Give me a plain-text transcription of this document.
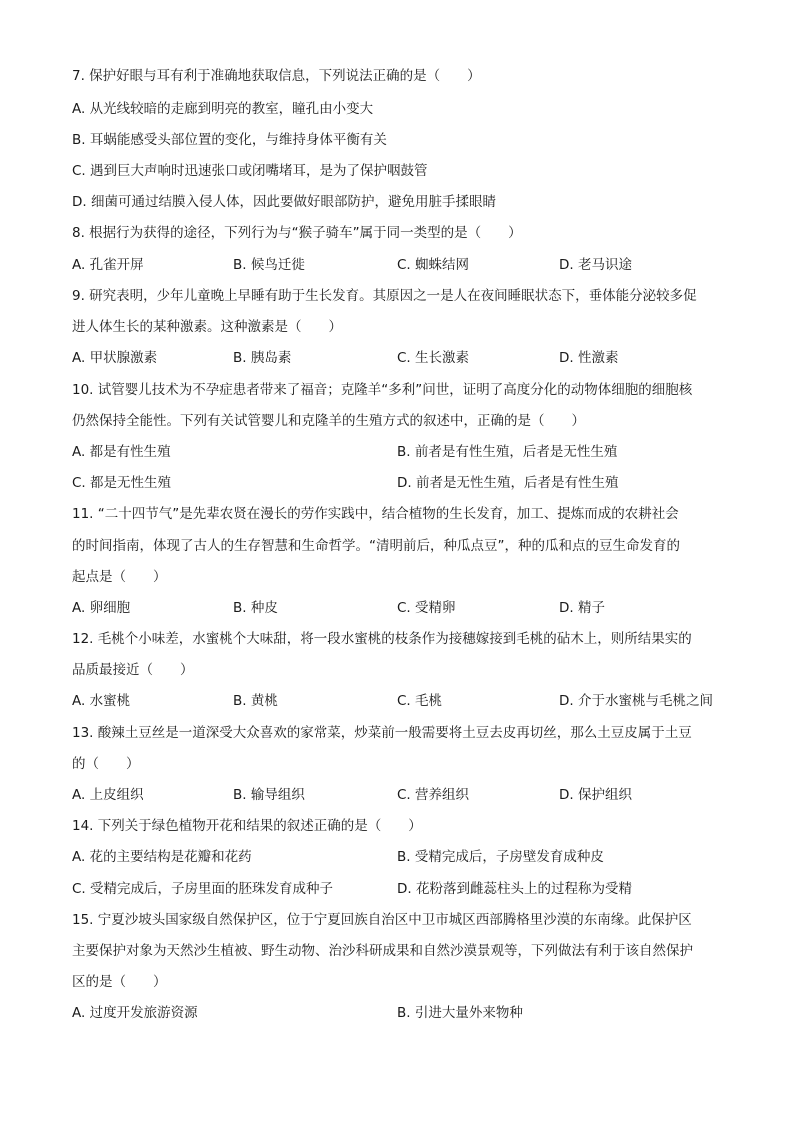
7. 保护好眼与耳有利于准确地获取信息，下列说法正确的是（　　）
A. 从光线较暗的走廊到明亮的教室，瞳孔由小变大
B. 耳蜗能感受头部位置的变化，与维持身体平衡有关
C. 遇到巨大声响时迅速张口或闭嘴堵耳，是为了保护咽鼓管
D. 细菌可通过结膜入侵人体，因此要做好眼部防护，避免用脏手揉眼睛
8. 根据行为获得的途径，下列行为与“猴子骑车”属于同一类型的是（　　）
A. 孔雀开屏	B. 候鸟迁徙	C. 蜘蛛结网	D. 老马识途
9. 研究表明，少年儿童晚上早睡有助于生长发育。其原因之一是人在夜间睡眠状态下，垂体能分泌较多促
进人体生长的某种激素。这种激素是（　　）
A. 甲状腺激素	B. 胰岛素	C. 生长激素	D. 性激素
10. 试管婴儿技术为不孕症患者带来了福音；克隆羊“多利”问世，证明了高度分化的动物体细胞的细胞核
仍然保持全能性。下列有关试管婴儿和克隆羊的生殖方式的叙述中，正确的是（　　）
A. 都是有性生殖	B. 前者是有性生殖，后者是无性生殖
C. 都是无性生殖	D. 前者是无性生殖，后者是有性生殖
11. “二十四节气”是先辈农贤在漫长的劳作实践中，结合植物的生长发育，加工、提炼而成的农耕社会
的时间指南，体现了古人的生存智慧和生命哲学。“清明前后，种瓜点豆”，种的瓜和点的豆生命发育的
起点是（　　）
A. 卵细胞	B. 种皮	C. 受精卵	D. 精子
12. 毛桃个小味差，水蜜桃个大味甜，将一段水蜜桃的枝条作为接穗嫁接到毛桃的砧木上，则所结果实的
品质最接近（　　）
A. 水蜜桃	B. 黄桃	C. 毛桃	D. 介于水蜜桃与毛桃之间
13. 酸辣土豆丝是一道深受大众喜欢的家常菜，炒菜前一般需要将土豆去皮再切丝，那么土豆皮属于土豆
的（　　）
A. 上皮组织	B. 输导组织	C. 营养组织	D. 保护组织
14. 下列关于绿色植物开花和结果的叙述正确的是（　　）
A. 花的主要结构是花瓣和花药	B. 受精完成后，子房壁发育成种皮
C. 受精完成后，子房里面的胚珠发育成种子	D. 花粉落到雌蕊柱头上的过程称为受精
15. 宁夏沙坡头国家级自然保护区，位于宁夏回族自治区中卫市城区西部腾格里沙漠的东南缘。此保护区
主要保护对象为天然沙生植被、野生动物、治沙科研成果和自然沙漠景观等，下列做法有利于该自然保护
区的是（　　）
A. 过度开发旅游资源	B. 引进大量外来物种
